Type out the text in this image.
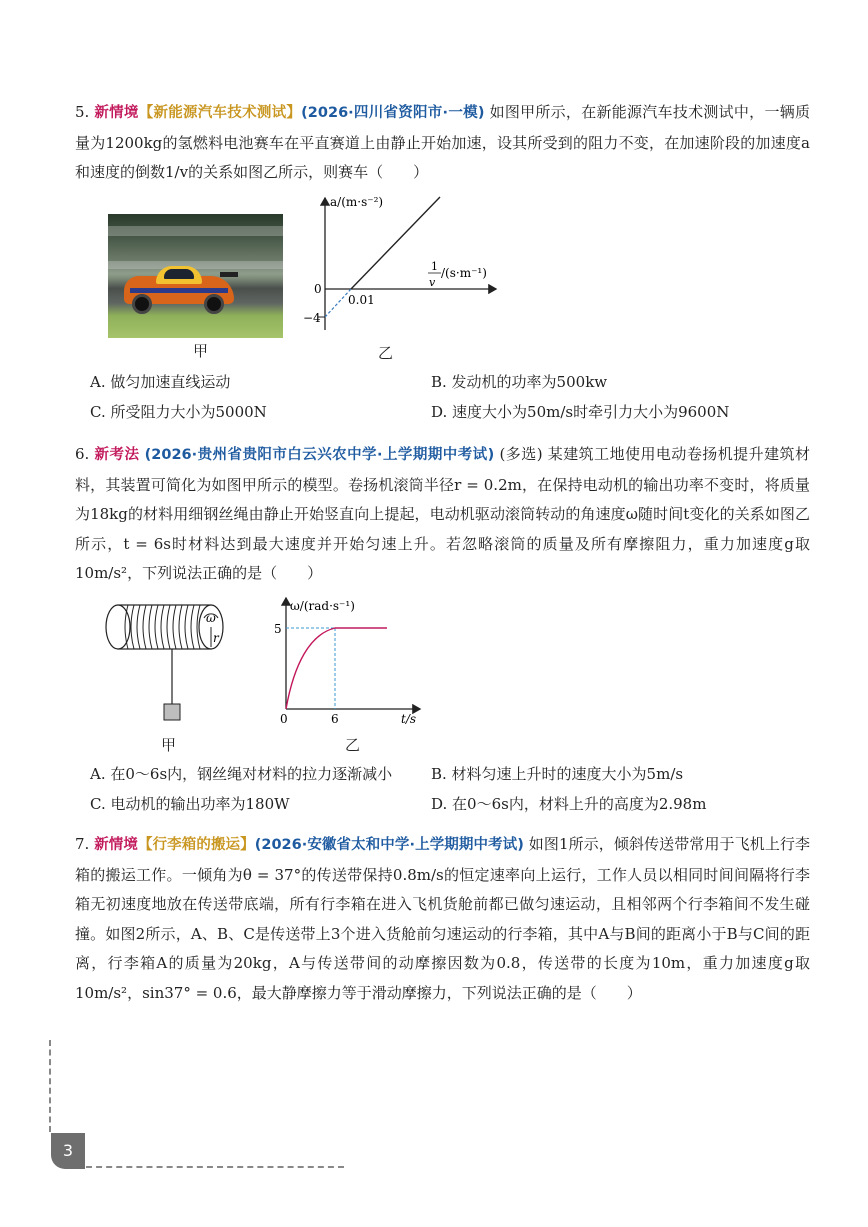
5. 新情境【新能源汽车技术测试】(2026·四川省资阳市·一模) 如图甲所示，在新能源汽车技术测试中，一辆质量为1200kg的氢燃料电池赛车在平直赛道上由静止开始加速，设其所受到的阻力不变，在加速阶段的加速度a和速度的倒数1/v的关系如图乙所示，则赛车（　　）
甲
a/(m·s⁻²)
1
v
/(s·m⁻¹)
0
0.01
−4
乙
A. 做匀加速直线运动	B. 发动机的功率为500kw
C. 所受阻力大小为5000N	D. 速度大小为50m/s时牵引力大小为9600N
6. 新考法 (2026·贵州省贵阳市白云兴农中学·上学期期中考试) (多选) 某建筑工地使用电动卷扬机提升建筑材料，其装置可简化为如图甲所示的模型。卷扬机滚筒半径r = 0.2m，在保持电动机的输出功率不变时，将质量为18kg的材料用细钢丝绳由静止开始竖直向上提起，电动机驱动滚筒转动的角速度ω随时间t变化的关系如图乙所示，t = 6s时材料达到最大速度并开始匀速上升。若忽略滚筒的质量及所有摩擦阻力，重力加速度g取10m/s²，下列说法正确的是（　　）
ω
r
甲
ω/(rad·s⁻¹)
5
0	6	t/s
乙
A. 在0～6s内，钢丝绳对材料的拉力逐渐减小	B. 材料匀速上升时的速度大小为5m/s
C. 电动机的输出功率为180W	D. 在0～6s内，材料上升的高度为2.98m
7. 新情境【行李箱的搬运】(2026·安徽省太和中学·上学期期中考试) 如图1所示，倾斜传送带常用于飞机上行李箱的搬运工作。一倾角为θ = 37°的传送带保持0.8m/s的恒定速率向上运行，工作人员以相同时间间隔将行李箱无初速度地放在传送带底端，所有行李箱在进入飞机货舱前都已做匀速运动，且相邻两个行李箱间不发生碰撞。如图2所示，A、B、C是传送带上3个进入货舱前匀速运动的行李箱，其中A与B间的距离小于B与C间的距离，行李箱A的质量为20kg，A与传送带间的动摩擦因数为0.8，传送带的长度为10m，重力加速度g取10m/s²，sin37° = 0.6，最大静摩擦力等于滑动摩擦力，下列说法正确的是（　　）
3
